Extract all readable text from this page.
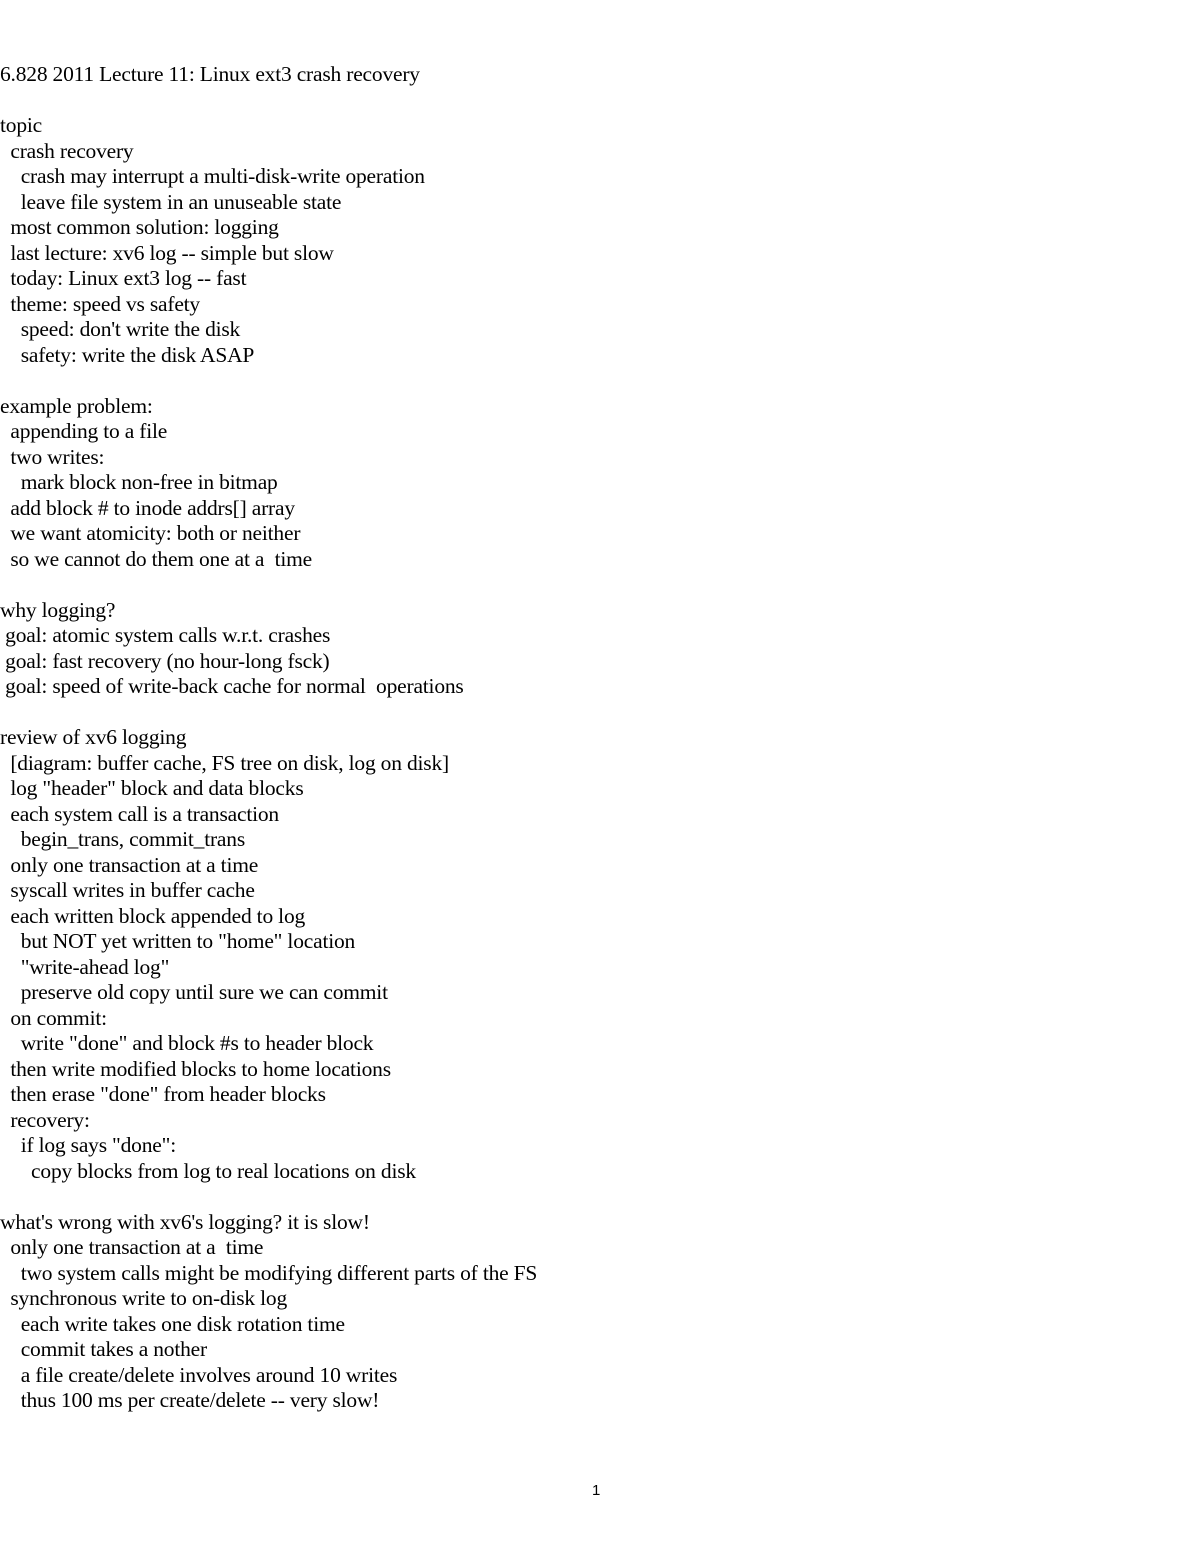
6.828 2011 Lecture 11: Linux ext3 crash recovery
topic
crash recovery
crash may interrupt a multi-disk-write operation
leave file system in an unuseable state
most common solution: logging
last lecture: xv6 log -- simple but slow
today: Linux ext3 log -- fast
theme: speed vs safety
speed: don't write the disk
safety: write the disk ASAP
example problem:
appending to a file
two writes:
mark block non-free in bitmap
add block # to inode addrs[] array
we want atomicity: both or neither
so we cannot do them one at a  time
why logging?
goal: atomic system calls w.r.t. crashes
goal: fast recovery (no hour-long fsck)
goal: speed of write-back cache for normal  operations
review of xv6 logging
[diagram: buffer cache, FS tree on disk, log on disk]
log "header" block and data blocks
each system call is a transaction
begin_trans, commit_trans
only one transaction at a time
syscall writes in buffer cache
each written block appended to log
but NOT yet written to "home" location
"write-ahead log"
preserve old copy until sure we can commit
on commit:
write "done" and block #s to header block
then write modified blocks to home locations
then erase "done" from header blocks
recovery:
if log says "done":
copy blocks from log to real locations on disk
what's wrong with xv6's logging? it is slow!
only one transaction at a  time
two system calls might be modifying different parts of the FS
synchronous write to on-disk log
each write takes one disk rotation time
commit takes a nother
a file create/delete involves around 10 writes
thus 100 ms per create/delete -- very slow!
1
